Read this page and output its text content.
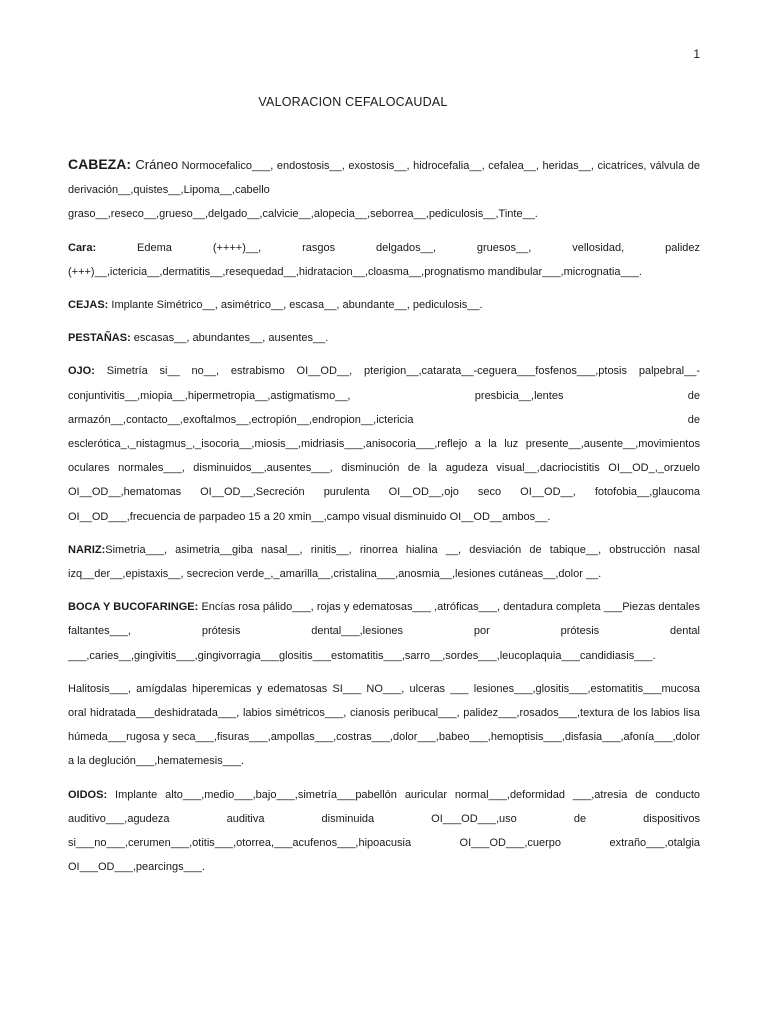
1
VALORACION CEFALOCAUDAL

CABEZA: Cráneo Normocefalico___, endostosis__, exostosis__, hidrocefalia__, cefalea__, heridas__, cicatrices, válvula de derivación__,quistes__,Lipoma__,cabello graso__,reseco__,grueso__,delgado__,calvicie__,alopecia__,seborrea__,pediculosis__,Tinte__.

Cara: Edema (++++)__, rasgos delgados__, gruesos__, vellosidad, palidez (+++)__,ictericia__,dermatitis__,resequedad__,hidratacion__,cloasma__,prognatismo mandibular___,micrognatia___.

CEJAS: Implante Simétrico__, asimétrico__, escasa__, abundante__, pediculosis__.

PESTAÑAS: escasas__, abundantes__, ausentes__.

OJO: Simetría si__ no__, estrabismo OI__OD__, pterigion__,catarata__-ceguera___fosfenos___,ptosis palpebral__-conjuntivitis__,miopia__,hipermetropia__,astigmatismo__, presbicia__,lentes de armazón__,contacto__,exoftalmos__,ectropión__,endropion__,ictericia de esclerótica_,_nistagmus_,_isocoria__,miosis__,midriasis___,anisocoria___,reflejo a la luz presente__,ausente__,movimientos oculares normales___, disminuidos__,ausentes___, disminución de la agudeza visual__,dacriocistitis OI__OD_,_orzuelo OI__OD__,hematomas OI__OD__,Secreción purulenta OI__OD__,ojo seco OI__OD__, fotofobia__,glaucoma OI__OD___,frecuencia de parpadeo 15 a 20 xmin__,campo visual disminuido OI__OD__ambos__.

NARIZ:Simetria___, asimetria__giba nasal__, rinitis__, rinorrea hialina __, desviación de tabique__, obstrucción nasal izq__der__,epistaxis__, secrecion verde_,_amarilla__,cristalina___,anosmia__,lesiones cutáneas__,dolor __.

BOCA Y BUCOFARINGE: Encías rosa pálido___, rojas y edematosas___ ,atróficas___, dentadura completa ___Piezas dentales faltantes___, prótesis dental___,lesiones por prótesis dental ___,caries__,gingivitis___,gingivorragia___glositis___estomatitis___,sarro__,sordes___,leucoplaquia___candidiasis___.

Halitosis___, amígdalas hiperemicas y edematosas SI___ NO___, ulceras ___ lesiones___,glositis___,estomatitis___mucosa oral hidratada___deshidratada___, labios simétricos___, cianosis peribucal___, palidez___,rosados___,textura de los labios lisa húmeda___rugosa y seca___,fisuras___,ampollas___,costras___,dolor___,babeo___,hemoptisis___,disfasia___,afonía___,dolor a la deglución___,hematemesis___.

OIDOS: Implante alto___,medio___,bajo___,simetría___pabellón auricular normal___,deformidad ___,atresia de conducto auditivo___,agudeza auditiva disminuida OI___OD___,uso de dispositivos si___no___,cerumen___,otitis___,otorrea,___acufenos___,hipoacusia OI___OD___,cuerpo extraño___,otalgia OI___OD___,pearcings___.
